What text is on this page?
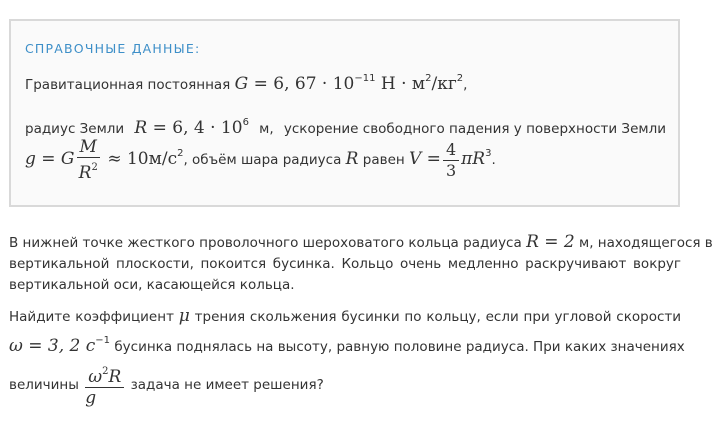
СПРАВОЧНЫЕ ДАННЫЕ:
Гравитационная постоянная G = 6, $67 \cdot 10^{-11}$ $Н \cdot м^2/кг^2$,
радиус Земли R = 6, $4 \cdot 10^6$ м, ускорение свободного падения у поверхности Земли
g = G $\frac{M}{R^2} \approx 10м/с^2$, объём шара радиуса R равен $V = \frac{4}{3} \pi R^3$.
В нижней точке жесткого проволочного шероховатого кольца радиуса R = 2 м, находящегося в
вертикальной плоскости, покоится бусинка. Кольцо очень медленно раскручивают вокруг
вертикальной оси, касающейся кольца.
Найдите коэффициент μ трения скольжения бусинки по кольцу, если при угловой скорости
ω = 3, 2 $с^{-1}$ бусинка поднялась на высоту, равную половине радиуса. При каких значениях
величины $\frac{\omega^2R}{g}$ задача не имеет решения?
